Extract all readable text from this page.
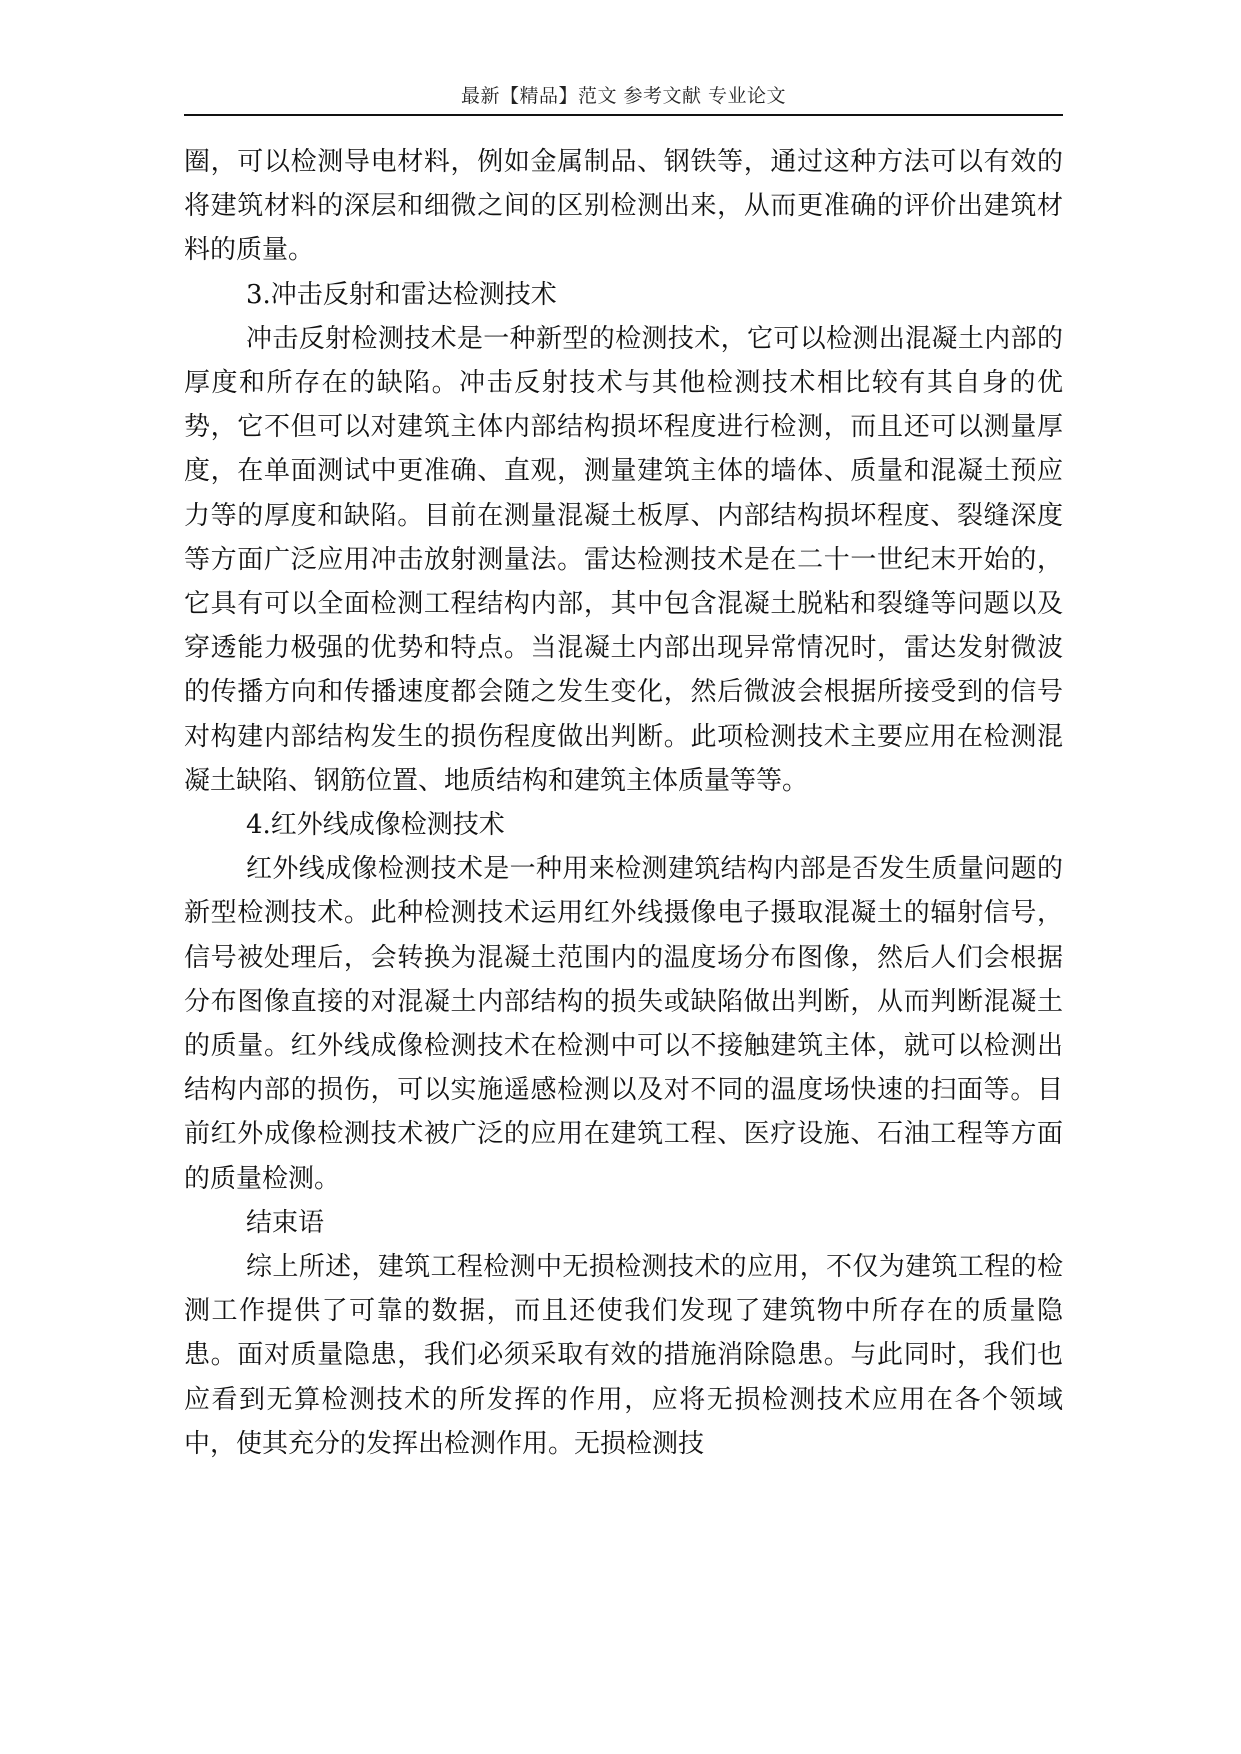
最新【精品】范文 参考文献 专业论文

圈，可以检测导电材料，例如金属制品、钢铁等，通过这种方法可以有效的将建筑材料的深层和细微之间的区别检测出来，从而更准确的评价出建筑材料的质量。

3.冲击反射和雷达检测技术

冲击反射检测技术是一种新型的检测技术，它可以检测出混凝土内部的厚度和所存在的缺陷。冲击反射技术与其他检测技术相比较有其自身的优势，它不但可以对建筑主体内部结构损坏程度进行检测，而且还可以测量厚度，在单面测试中更准确、直观，测量建筑主体的墙体、质量和混凝土预应力等的厚度和缺陷。目前在测量混凝土板厚、内部结构损坏程度、裂缝深度等方面广泛应用冲击放射测量法。雷达检测技术是在二十一世纪末开始的，它具有可以全面检测工程结构内部，其中包含混凝土脱粘和裂缝等问题以及穿透能力极强的优势和特点。当混凝土内部出现异常情况时，雷达发射微波的传播方向和传播速度都会随之发生变化，然后微波会根据所接受到的信号对构建内部结构发生的损伤程度做出判断。此项检测技术主要应用在检测混凝土缺陷、钢筋位置、地质结构和建筑主体质量等等。

4.红外线成像检测技术

红外线成像检测技术是一种用来检测建筑结构内部是否发生质量问题的新型检测技术。此种检测技术运用红外线摄像电子摄取混凝土的辐射信号，信号被处理后，会转换为混凝土范围内的温度场分布图像，然后人们会根据分布图像直接的对混凝土内部结构的损失或缺陷做出判断，从而判断混凝土的质量。红外线成像检测技术在检测中可以不接触建筑主体，就可以检测出结构内部的损伤，可以实施遥感检测以及对不同的温度场快速的扫面等。目前红外成像检测技术被广泛的应用在建筑工程、医疗设施、石油工程等方面的质量检测。

结束语

综上所述，建筑工程检测中无损检测技术的应用，不仅为建筑工程的检测工作提供了可靠的数据，而且还使我们发现了建筑物中所存在的质量隐患。面对质量隐患，我们必须采取有效的措施消除隐患。与此同时，我们也应看到无算检测技术的所发挥的作用，应将无损检测技术应用在各个领域中，使其充分的发挥出检测作用。无损检测技
